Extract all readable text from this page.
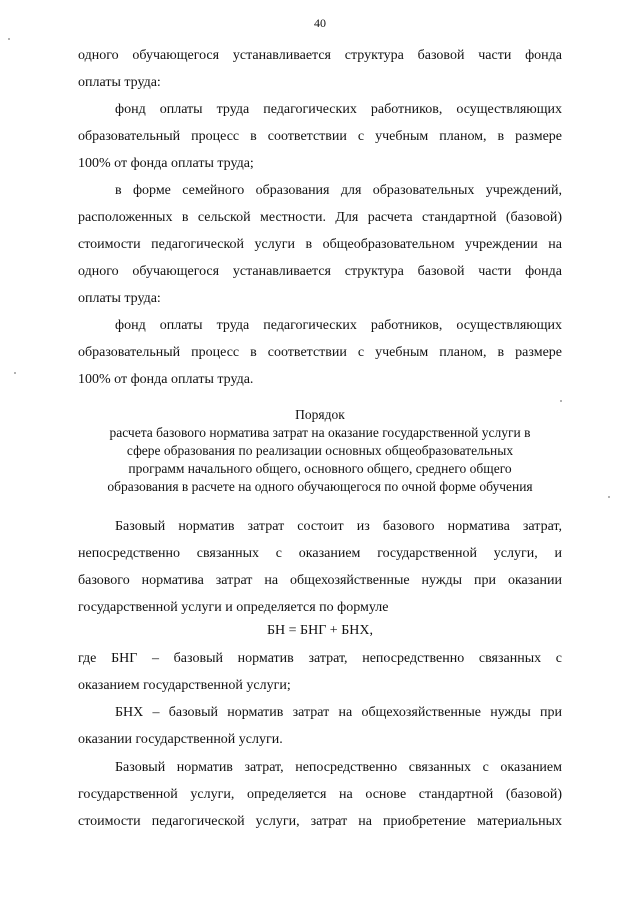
40
одного обучающегося устанавливается структура базовой части фонда
оплаты труда:
фонд оплаты труда педагогических работников, осуществляющих
образовательный процесс в соответствии с учебным планом, в размере
100% от фонда оплаты труда;
в форме семейного образования для образовательных учреждений,
расположенных в сельской местности. Для расчета стандартной (базовой)
стоимости педагогической услуги в общеобразовательном учреждении на
одного обучающегося устанавливается структура базовой части фонда
оплаты труда:
фонд оплаты труда педагогических работников, осуществляющих
образовательный процесс в соответствии с учебным планом, в размере
100% от фонда оплаты труда.
Порядок
расчета базового норматива затрат на оказание государственной услуги в
сфере образования по реализации основных общеобразовательных
программ начального общего, основного общего, среднего общего
образования в расчете на одного обучающегося по очной форме обучения
Базовый норматив затрат состоит из базового норматива затрат,
непосредственно связанных с оказанием государственной услуги, и
базового норматива затрат на общехозяйственные нужды при оказании
государственной услуги и определяется по формуле
БН = БНГ + БНХ,
где БНГ – базовый норматив затрат, непосредственно связанных с
оказанием государственной услуги;
БНХ – базовый норматив затрат на общехозяйственные нужды при
оказании государственной услуги.
Базовый норматив затрат, непосредственно связанных с оказанием
государственной услуги, определяется на основе стандартной (базовой)
стоимости педагогической услуги, затрат на приобретение материальных
